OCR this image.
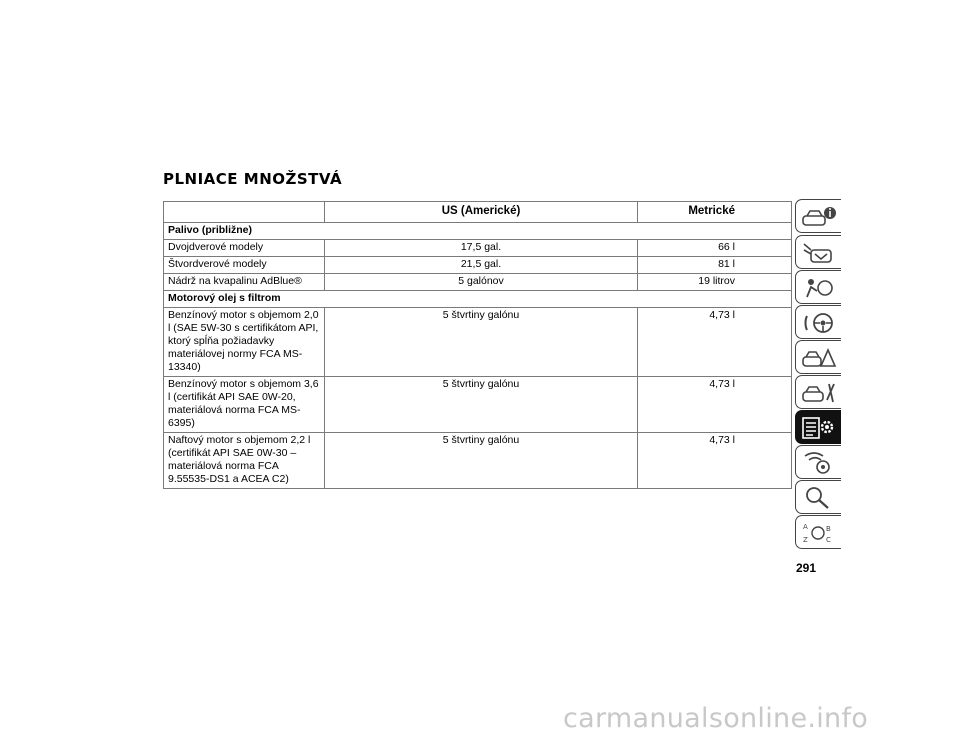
PLNIACE MNOŽSTVÁ
	US (Americké)	Metrické
Palivo (približne)		
Dvojdverové modely	17,5 gal.	66 l
Štvordverové modely	21,5 gal.	81 l
Nádrž na kvapalinu AdBlue®	5 galónov	19 litrov
Motorový olej s filtrom		
Benzínový motor s objemom 2,0 l (SAE 5W-30 s certifikátom API, ktorý spĺňa požiadavky materiálovej normy FCA MS-13340)	5 štvrtiny galónu	4,73 l
Benzínový motor s objemom 3,6 l (certifikát API SAE 0W-20, materiálová norma FCA MS-6395)	5 štvrtiny galónu	4,73 l
Naftový motor s objemom 2,2 l (certifikát API SAE 0W-30 – materiálová norma FCA 9.55535-DS1 a ACEA C2)	5 štvrtiny galónu	4,73 l
A
Z
B
C
291
carmanualsonline.info
